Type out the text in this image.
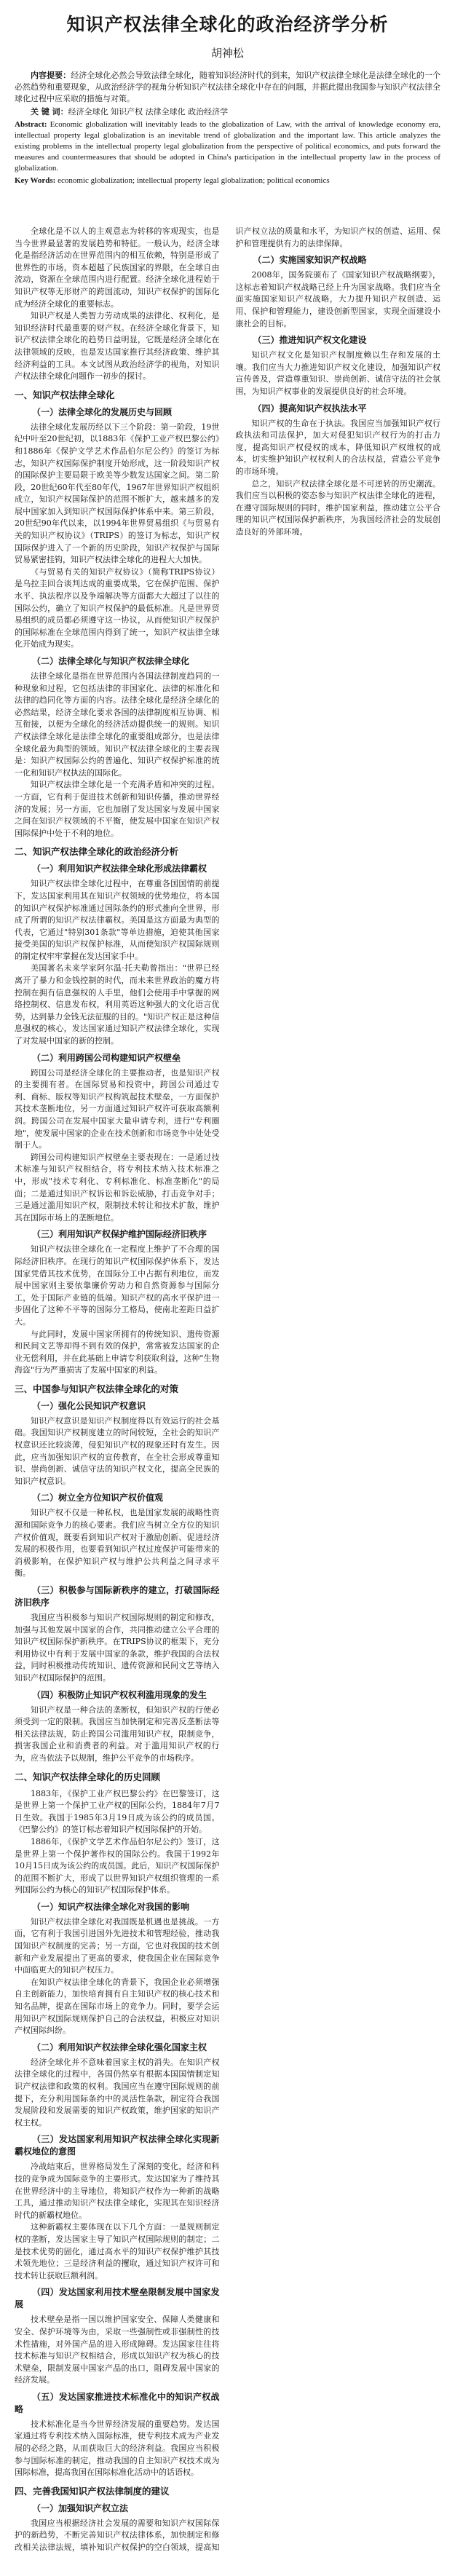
知识产权法律全球化的政治经济学分析
胡神松

内容提要：经济全球化必然会导致法律全球化，随着知识经济时代的到来，知识产权法律全球化是法律全球化的一个必然趋势和重要现象，从政治经济学的视角分析知识产权法律全球化中存在的问题，并据此提出我国参与知识产权法律全球化过程中应采取的措施与对策。

关 键 词：经济全球化 知识产权 法律全球化 政治经济学

Abstract: Economic globalization will inevitably leads to the globalization of Law, with the arrival of knowledge economy era, intellectual property legal globalization is an inevitable trend of globalization and the important law. This article analyzes the existing problems in the intellectual property legal globalization from the perspective of political economics, and puts forward the measures and countermeasures that should be adopted in China's participation in the intellectual property law in the process of globalization.

Key Words: economic globalization; intellectual property legal globalization; political economics

全球化是不以人的主观意志为转移的客观现实，也是当今世界最显著的发展趋势和特征。一般认为，经济全球化是指经济活动在世界范围内的相互依赖，特别是形成了世界性的市场，资本超越了民族国家的界限，在全球自由流动，资源在全球范围内进行配置。经济全球化进程始于知识产权等无形财产的跨国流动，知识产权保护的国际化成为经济全球化的重要标志。

知识产权是人类智力劳动成果的法律化、权利化，是知识经济时代最重要的财产权。在经济全球化背景下，知识产权法律全球化的趋势日益明显，它既是经济全球化在法律领域的反映，也是发达国家推行其经济政策、维护其经济利益的工具。本文试图从政治经济学的视角，对知识产权法律全球化问题作一初步的探讨。

一、知识产权法律全球化
（一）法律全球化的发展历史与回顾

法律全球化发展历经以下三个阶段：第一阶段，19世纪中叶至20世纪初，以1883年《保护工业产权巴黎公约》和1886年《保护文学艺术作品伯尔尼公约》的签订为标志，知识产权国际保护制度开始形成，这一阶段知识产权的国际保护主要局限于欧美等少数发达国家之间。第二阶段，20世纪60年代至80年代，1967年世界知识产权组织成立，知识产权国际保护的范围不断扩大，越来越多的发展中国家加入到知识产权国际保护体系中来。第三阶段，20世纪90年代以来，以1994年世界贸易组织《与贸易有关的知识产权协议》（TRIPS）的签订为标志，知识产权国际保护进入了一个新的历史阶段，知识产权保护与国际贸易紧密挂钩，知识产权法律全球化的进程大大加快。

《与贸易有关的知识产权协议》（简称TRIPS协议）是乌拉圭回合谈判达成的重要成果，它在保护范围、保护水平、执法程序以及争端解决等方面都大大超过了以往的国际公约，确立了知识产权保护的最低标准。凡是世界贸易组织的成员都必须遵守这一协议，从而使知识产权保护的国际标准在全球范围内得到了统一，知识产权法律全球化开始成为现实。

（二）法律全球化与知识产权法律全球化

法律全球化是指在世界范围内各国法律制度趋同的一种现象和过程，它包括法律的非国家化、法律的标准化和法律的趋同化等方面的内容。法律全球化是经济全球化的必然结果，经济全球化要求各国的法律制度相互协调、相互衔接，以便为全球化的经济活动提供统一的规则。知识产权法律全球化是法律全球化的重要组成部分，也是法律全球化最为典型的领域。知识产权法律全球化的主要表现是：知识产权国际公约的普遍化、知识产权保护标准的统一化和知识产权执法的国际化。

知识产权法律全球化是一个充满矛盾和冲突的过程。一方面，它有利于促进技术创新和知识传播，推动世界经济的发展；另一方面，它也加剧了发达国家与发展中国家之间在知识产权领域的不平衡，使发展中国家在知识产权国际保护中处于不利的地位。

二、知识产权法律全球化的政治经济分析
（一）利用知识产权法律全球化形成法律霸权

知识产权法律全球化过程中，在尊重各国国情的前提下，发达国家利用其在知识产权领域的优势地位，将本国的知识产权保护标准通过国际条约的形式推向全世界，形成了所谓的知识产权法律霸权。美国是这方面最为典型的代表，它通过"特别301条款"等单边措施，迫使其他国家接受美国的知识产权保护标准，从而使知识产权国际规则的制定权牢牢掌握在发达国家手中。

美国著名未来学家阿尔温·托夫勒曾指出："世界已经离开了暴力和金钱控制的时代，而未来世界政治的魔方将控制在拥有信息强权的人手里，他们会使用手中掌握的网络控制权、信息发布权，利用英语这种强大的文化语言优势，达到暴力金钱无法征服的目的。"知识产权正是这种信息强权的核心，发达国家通过知识产权法律全球化，实现了对发展中国家的新的控制。

（二）利用跨国公司构建知识产权壁垒

跨国公司是经济全球化的主要推动者，也是知识产权的主要拥有者。在国际贸易和投资中，跨国公司通过专利、商标、版权等知识产权构筑起技术壁垒，一方面保护其技术垄断地位，另一方面通过知识产权许可获取高额利润。跨国公司在发展中国家大量申请专利，进行"专利圈地"，使发展中国家的企业在技术创新和市场竞争中处处受制于人。

跨国公司构建知识产权壁垒主要表现在：一是通过技术标准与知识产权相结合，将专利技术纳入技术标准之中，形成"技术专利化、专利标准化、标准垄断化"的局面；二是通过知识产权诉讼和诉讼威胁，打击竞争对手；三是通过滥用知识产权，限制技术转让和技术扩散，维护其在国际市场上的垄断地位。

（三）利用知识产权保护维护国际经济旧秩序

知识产权法律全球化在一定程度上维护了不合理的国际经济旧秩序。在现行的知识产权国际保护体系下，发达国家凭借其技术优势，在国际分工中占据有利地位，而发展中国家则主要依靠廉价劳动力和自然资源参与国际分工，处于国际产业链的低端。知识产权的高水平保护进一步固化了这种不平等的国际分工格局，使南北差距日益扩大。

与此同时，发展中国家所拥有的传统知识、遗传资源和民间文艺等却得不到有效的保护，常常被发达国家的企业无偿利用，并在此基础上申请专利获取利益，这种"生物海盗"行为严重损害了发展中国家的利益。

三、中国参与知识产权法律全球化的对策
（一）强化公民知识产权意识

知识产权意识是知识产权制度得以有效运行的社会基础。我国知识产权制度建立的时间较短，全社会的知识产权意识还比较淡薄，侵犯知识产权的现象还时有发生。因此，应当加强知识产权的宣传教育，在全社会形成尊重知识、崇尚创新、诚信守法的知识产权文化，提高全民族的知识产权意识。

（二）树立全方位知识产权价值观

知识产权不仅是一种私权，也是国家发展的战略性资源和国际竞争力的核心要素。我们应当树立全方位的知识产权价值观，既要看到知识产权对于激励创新、促进经济发展的积极作用，也要看到知识产权过度保护可能带来的消极影响，在保护知识产权与维护公共利益之间寻求平衡。

（三）积极参与国际新秩序的建立，打破国际经济旧秩序

我国应当积极参与知识产权国际规则的制定和修改，加强与其他发展中国家的合作，共同推动建立公平合理的知识产权国际保护新秩序。在TRIPS协议的框架下，充分利用协议中有利于发展中国家的条款，维护我国的合法权益，同时积极推动传统知识、遗传资源和民间文艺等纳入知识产权国际保护的范围。

（四）积极防止知识产权权利滥用现象的发生

知识产权是一种合法的垄断权，但知识产权的行使必须受到一定的限制。我国应当加快制定和完善反垄断法等相关法律法规，防止跨国公司滥用知识产权，限制竞争，损害我国企业和消费者的利益。对于滥用知识产权的行为，应当依法予以规制，维护公平竞争的市场秩序。

二、知识产权法律全球化的历史回顾

1883年，《保护工业产权巴黎公约》在巴黎签订，这是世界上第一个保护工业产权的国际公约，1884年7月7日生效。我国于1985年3月19日成为该公约的成员国。《巴黎公约》的签订标志着知识产权国际保护的开始。

1886年，《保护文学艺术作品伯尔尼公约》签订，这是世界上第一个保护著作权的国际公约。我国于1992年10月15日成为该公约的成员国。此后，知识产权国际保护的范围不断扩大，形成了以世界知识产权组织管理的一系列国际公约为核心的知识产权国际保护体系。

（一）知识产权法律全球化对我国的影响

知识产权法律全球化对我国既是机遇也是挑战。一方面，它有利于我国引进国外先进技术和管理经验，推动我国知识产权制度的完善；另一方面，它也对我国的技术创新和产业发展提出了更高的要求，使我国企业在国际竞争中面临更大的知识产权压力。

在知识产权法律全球化的背景下，我国企业必须增强自主创新能力，加快培育拥有自主知识产权的核心技术和知名品牌，提高在国际市场上的竞争力。同时，要学会运用知识产权国际规则保护自己的合法权益，积极应对知识产权国际纠纷。

（二）利用知识产权法律全球化强化国家主权

经济全球化并不意味着国家主权的消失。在知识产权法律全球化的过程中，各国仍然享有根据本国国情制定知识产权法律和政策的权利。我国应当在遵守国际规则的前提下，充分利用国际条约中的灵活性条款，制定符合我国发展阶段和发展需要的知识产权政策，维护国家的知识产权主权。

（三）发达国家利用知识产权法律全球化实现新霸权地位的意图

冷战结束后，世界格局发生了深刻的变化，经济和科技的竞争成为国际竞争的主要形式。发达国家为了维持其在世界经济中的主导地位，将知识产权作为一种新的战略工具，通过推动知识产权法律全球化，实现其在知识经济时代的新霸权地位。

这种新霸权主要体现在以下几个方面：一是规则制定权的垄断，发达国家主导了知识产权国际规则的制定；二是技术优势的固化，通过高水平的知识产权保护维护其技术领先地位；三是经济利益的攫取，通过知识产权许可和技术转让获取巨额利润。

（四）发达国家利用技术壁垒限制发展中国家发展

技术壁垒是指一国以维护国家安全、保障人类健康和安全、保护环境等为由，采取一些强制性或非强制性的技术性措施，对外国产品的进入形成障碍。发达国家往往将技术标准与知识产权相结合，形成以知识产权为核心的技术壁垒，限制发展中国家产品的出口，阻碍发展中国家的经济发展。

（五）发达国家推进技术标准化中的知识产权战略

技术标准化是当今世界经济发展的重要趋势。发达国家通过将专利技术纳入国际标准，使专利技术成为产业发展的必经之路，从而获取巨大的经济利益。我国应当积极参与国际标准的制定，推动我国的自主知识产权技术成为国际标准，提高我国在国际标准化活动中的话语权。

四、完善我国知识产权法律制度的建议
（一）加强知识产权立法

我国应当根据经济社会发展的需要和知识产权国际保护的新趋势，不断完善知识产权法律体系，加快制定和修改相关法律法规，填补知识产权保护的空白领域，提高知识产权立法的质量和水平，为知识产权的创造、运用、保护和管理提供有力的法律保障。

（二）实施国家知识产权战略

2008年，国务院颁布了《国家知识产权战略纲要》，这标志着知识产权战略已经上升为国家战略。我们应当全面实施国家知识产权战略，大力提升知识产权创造、运用、保护和管理能力，建设创新型国家，实现全面建设小康社会的目标。

（三）推进知识产权文化建设

知识产权文化是知识产权制度赖以生存和发展的土壤。我们应当大力推进知识产权文化建设，加强知识产权宣传普及，营造尊重知识、崇尚创新、诚信守法的社会氛围，为知识产权事业的发展提供良好的社会环境。

（四）提高知识产权执法水平

知识产权的生命在于执法。我国应当加强知识产权行政执法和司法保护，加大对侵犯知识产权行为的打击力度，提高知识产权侵权的成本，降低知识产权维权的成本，切实维护知识产权权利人的合法权益，营造公平竞争的市场环境。

总之，知识产权法律全球化是不可逆转的历史潮流。我们应当以积极的姿态参与知识产权法律全球化的进程，在遵守国际规则的同时，维护国家利益，推动建立公平合理的知识产权国际保护新秩序，为我国经济社会的发展创造良好的外部环境。
